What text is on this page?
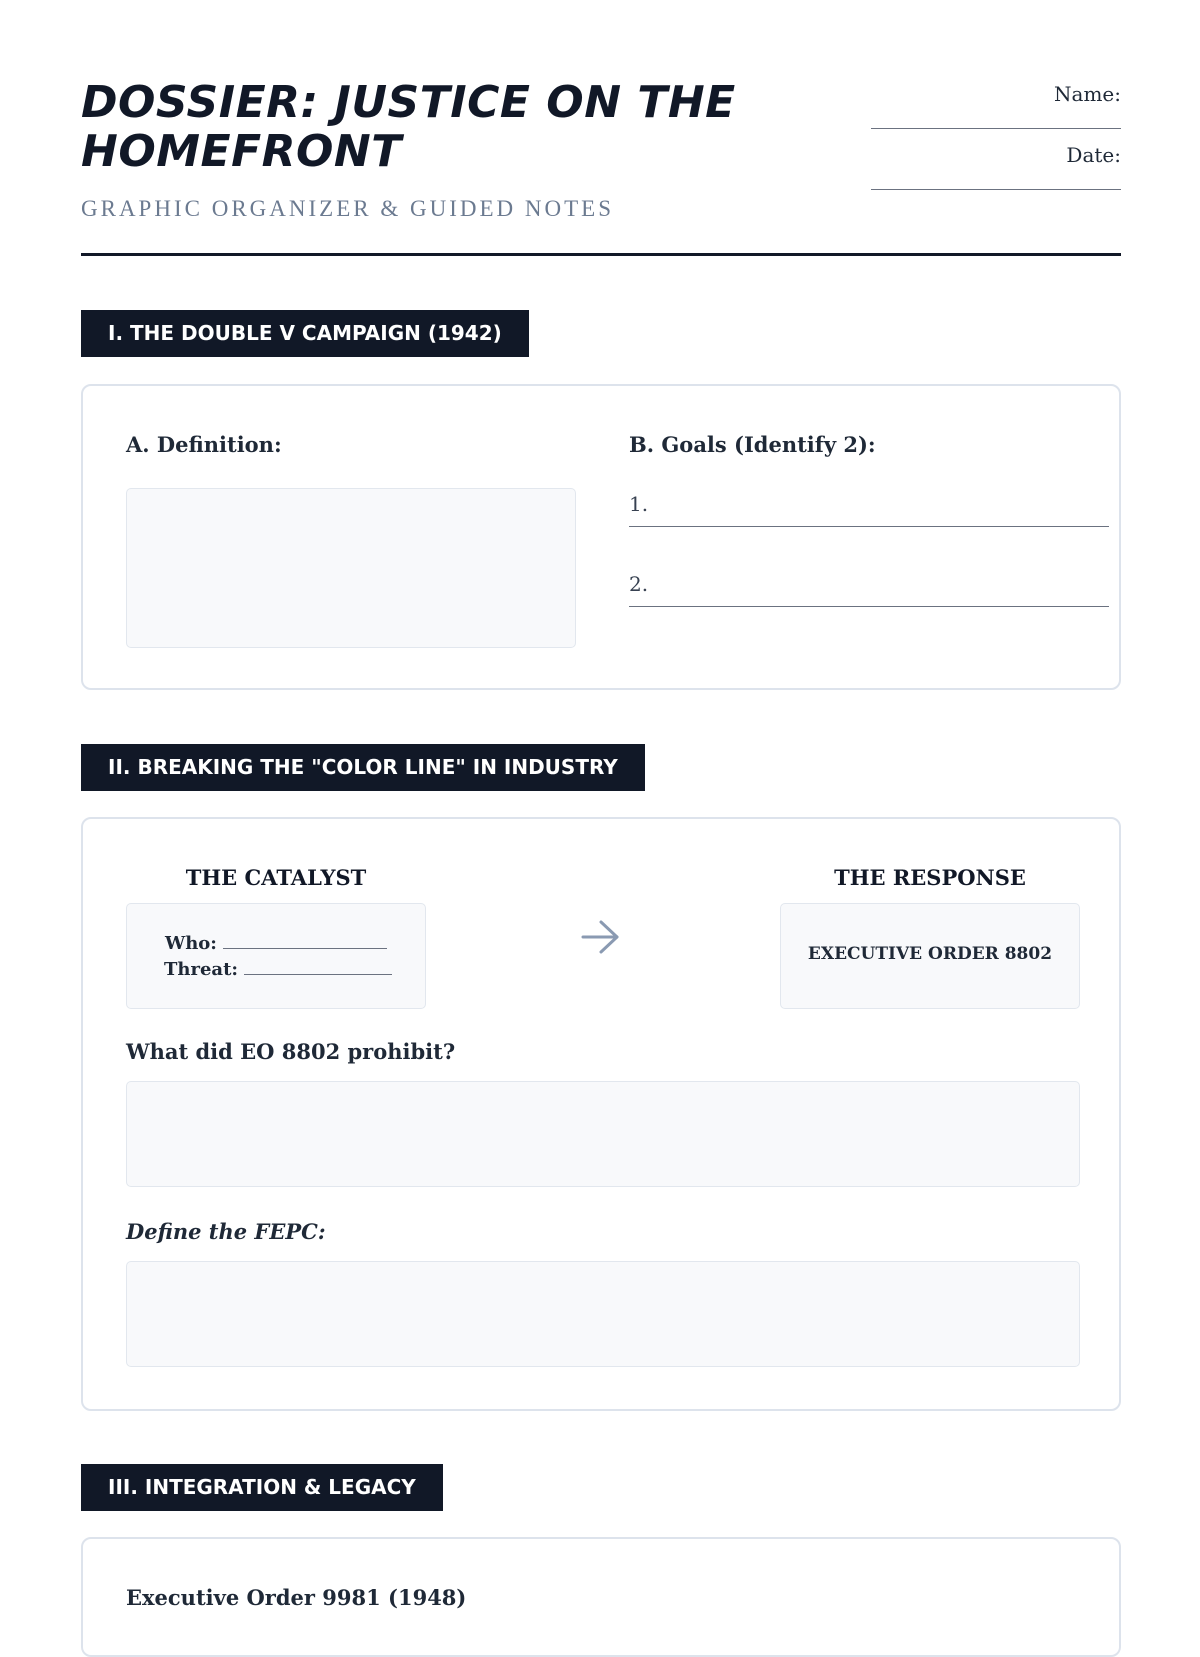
DOSSIER: JUSTICE ON THE HOMEFRONT

GRAPHIC ORGANIZER & GUIDED NOTES

Name:
Date:
I. THE DOUBLE V CAMPAIGN (1942)
A. Definition:	B. Goals (Identify 2):
1.
2.
II. BREAKING THE "COLOR LINE" IN INDUSTRY
THE CATALYST
Who:
Threat:
THE RESPONSE
EXECUTIVE ORDER 8802
What did EO 8802 prohibit?
Define the FEPC:
III. INTEGRATION & LEGACY
Executive Order 9981 (1948)
